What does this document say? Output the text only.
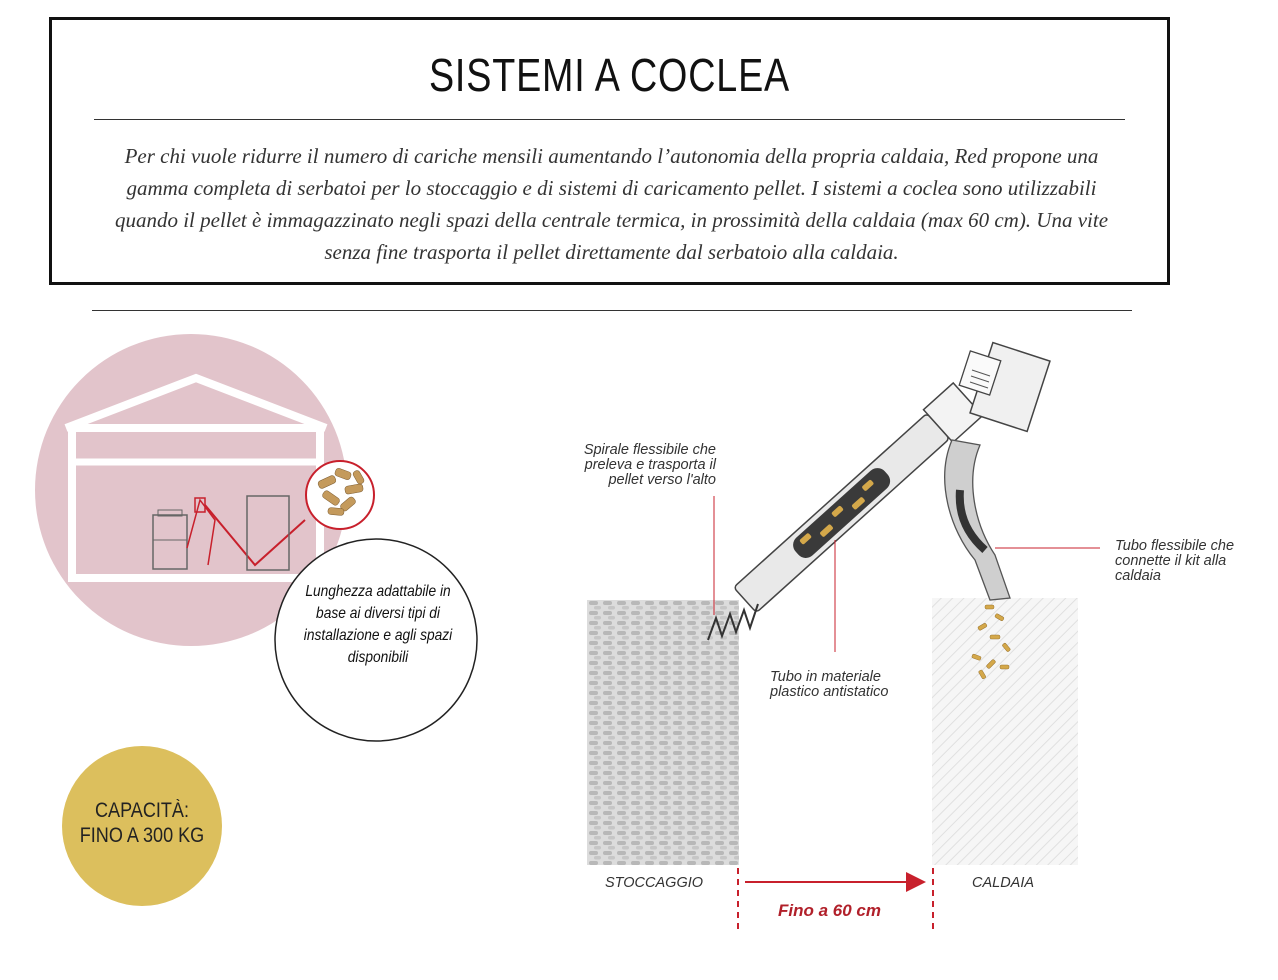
SISTEMI A COCLEA
Per chi vuole ridurre il numero di cariche mensili aumentando l’autonomia della propria caldaia, Red propone una gamma completa di serbatoi per lo stoccaggio e di sistemi di caricamento pellet. I sistemi a coclea sono utilizzabili quando il pellet è immagazzinato negli spazi della centrale termica, in prossimità della caldaia (max 60 cm). Una vite senza fine trasporta il pellet direttamente dal serbatoio alla caldaia.
Spirale flessibile che preleva e trasporta il pellet verso l'alto
Tubo in materiale plastico antistatico
Tubo flessibile che connette il kit alla caldaia
STOCCAGGIO	CALDAIA
Fino a 60 cm
Lunghezza adattabile in base ai diversi tipi di installazione e agli spazi disponibili
CAPACITÀ: FINO A 300 KG
